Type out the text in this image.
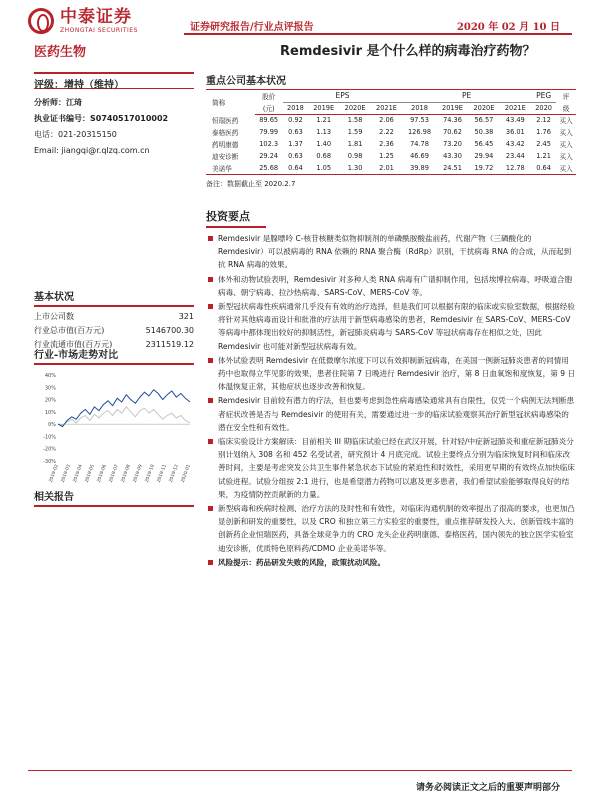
中泰证券
ZHONGTAI SECURITIES	证券研究报告/行业点评报告	2020 年 02 月 10 日
医药生物	Remdesivir 是个什么样的病毒治疗药物？
评级：增持（维持）
分析师：江琦
执业证书编号：S0740517010002
电话：021-20315150
Email: jiangqi@r.qlzq.com.cn
基本状况
上市公司数	321
行业总市值(百万元)	5146700.30
行业流通市值(百万元)	2311519.12
行业-市场走势对比
40%
30%
20%
10%
0%
-10%
-20%
-30%
2019-02 2019-03 2019-04 2019-05 2019-06 2019-07 2019-08 2019-09 2019-10 2019-11 2019-12 2020-01
相关报告
重点公司基本状况
简称	股价	EPS				PE				PEG	评
	(元)	2018	2019E	2020E	2021E	2018	2019E	2020E	2021E	2020	级
恒瑞医药	89.65	0.92	1.21	1.58	2.06	97.53	74.36	56.57	43.49	2.12	买入
泰格医药	79.99	0.63	1.13	1.59	2.22	126.98	70.62	50.38	36.01	1.76	买入
药明康德	102.3	1.37	1.40	1.81	2.36	74.78	73.20	56.45	43.42	2.45	买入
迪安诊断	29.24	0.63	0.68	0.98	1.25	46.69	43.30	29.94	23.44	1.21	买入
美诺华	25.68	0.64	1.05	1.30	2.01	39.89	24.51	19.72	12.78	0.64	买入
备注：数据截止至 2020.2.7
投资要点
Remdesivir 是腺嘌呤 C-核苷核糖类似物抑制剂的单磷酰胺酸盐前药，代谢产物（三磷酸化的 Remdesivir）可以被病毒的 RNA 依赖的 RNA 聚合酶（RdRp）识别，干扰病毒 RNA 的合成，从而起到抗 RNA 病毒的效果。
体外和动物试验表明，Remdesivir 对多种人类 RNA 病毒有广谱抑制作用，包括埃博拉病毒、呼吸道合胞病毒、朝宁病毒、拉沙热病毒、SARS-CoV、MERS-CoV 等。
新型冠状病毒性疾病通常几乎没有有效的治疗选择，但是我们可以根据有限的临床或实验室数据，根据经验将针对其他病毒而设计和批准的疗法用于新型病毒感染的患者，Remdesivir 在 SARS-CoV、MERS-CoV 等病毒中都体现出较好的抑制活性，新冠肺炎病毒与 SARS-CoV 等冠状病毒存在相似之处，因此 Remdesivir 也可能对新型冠状病毒有效。
体外试验表明 Remdesivir 在低微摩尔浓度下可以有效抑制新冠病毒，在美国一例新冠肺炎患者的同情用药中也取得立竿见影的效果，患者住院第 7 日晚进行 Remdesivir 治疗，第 8 日血氧饱和度恢复，第 9 日体温恢复正常，其他症状也逐步改善和恢复。
Remdesivir 目前较有潜力的疗法，但也要考虑到急性病毒感染通常具有自限性，仅凭一个病例无法判断患者症状改善是否与 Remdesivir 的使用有关，需要通过进一步的临床试验观察其治疗新型冠状病毒感染的潜在安全性和有效性。
临床实验设计方案解读：目前相关 III 期临床试验已经在武汉开展，针对轻/中症新冠肺炎和重症新冠肺炎分别计划纳入 308 名和 452 名受试者，研究预计 4 月底完成。试验主要终点分别为临床恢复时间和临床改善时间，主要是考虑突发公共卫生事件紧急状态下试验的紧迫性和时效性，采用更早期的有效终点加快临床试验进程。试验分组按 2:1 进行，也是希望潜力药物可以惠及更多患者，我们希望试验能够取得良好的结果，为疫情防控贡献新的力量。
新型病毒和疾病时检测、治疗方法的及时性和有效性，对临床沟通机制的效率提出了很高的要求，也更加凸显创新和研发的重要性，以及 CRO 和独立第三方实验室的重要性，重点推荐研发投入大、创新管线丰富的创新药企业恒瑞医药，具备全球竞争力的 CRO 龙头企业药明康德、泰格医药，国内领先的独立医学实验室迪安诊断，优质特色原料药/CDMO 企业美诺华等。
风险提示：药品研发失败的风险，政策扰动风险。
请务必阅读正文之后的重要声明部分
